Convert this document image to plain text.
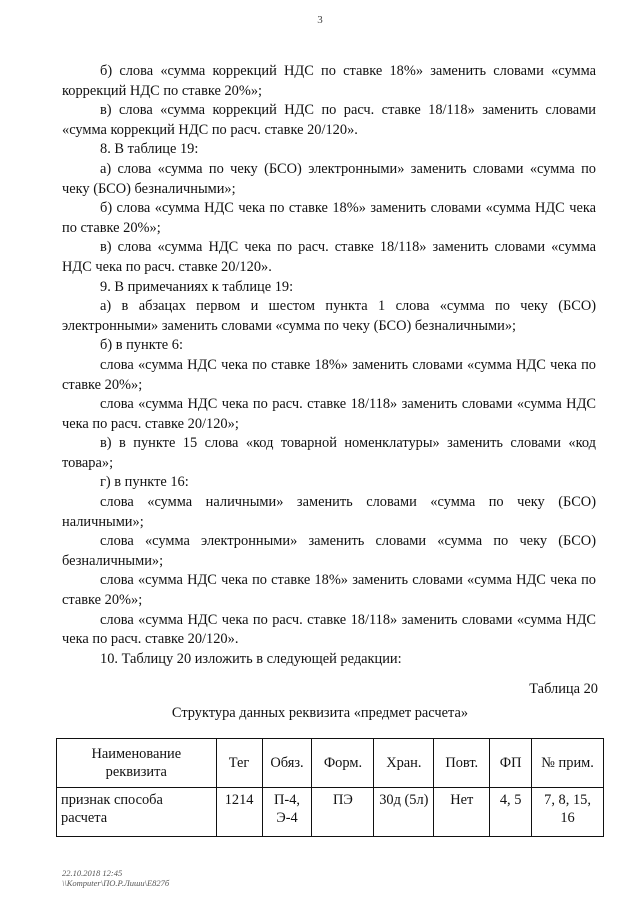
3

б) слова «сумма коррекций НДС по ставке 18%» заменить словами «сумма коррекций НДС по ставке 20%»;

в) слова «сумма коррекций НДС по расч. ставке 18/118» заменить словами «сумма коррекций НДС по расч. ставке 20/120».

8. В таблице 19:

а) слова «сумма по чеку (БСО) электронными» заменить словами «сумма по чеку (БСО) безналичными»;

б) слова «сумма НДС чека по ставке 18%» заменить словами «сумма НДС чека по ставке 20%»;

в) слова «сумма НДС чека по расч. ставке 18/118» заменить словами «сумма НДС чека по расч. ставке 20/120».

9. В примечаниях к таблице 19:

а) в абзацах первом и шестом пункта 1 слова «сумма по чеку (БСО) электронными» заменить словами «сумма по чеку (БСО) безналичными»;

б) в пункте 6:

слова «сумма НДС чека по ставке 18%» заменить словами «сумма НДС чека по ставке 20%»;

слова «сумма НДС чека по расч. ставке 18/118» заменить словами «сумма НДС чека по расч. ставке 20/120»;

в) в пункте 15 слова «код товарной номенклатуры» заменить словами «код товара»;

г) в пункте 16:

слова «сумма наличными» заменить словами «сумма по чеку (БСО) наличными»;

слова «сумма электронными» заменить словами «сумма по чеку (БСО) безналичными»;

слова «сумма НДС чека по ставке 18%» заменить словами «сумма НДС чека по ставке 20%»;

слова «сумма НДС чека по расч. ставке 18/118» заменить словами «сумма НДС чека по расч. ставке 20/120».

10. Таблицу 20 изложить в следующей редакции:

Таблица 20
Структура данных реквизита «предмет расчета»
Наименование реквизита	Тег	Обяз.	Форм.	Хран.	Повт.	ФП	№ прим.
признак способа расчета	1214	П-4, Э-4	ПЭ	30д (5л)	Нет	4, 5	7, 8, 15, 16
22.10.2018 12:45
\\Komputer\ПО.Р.Лиши\Е827б
